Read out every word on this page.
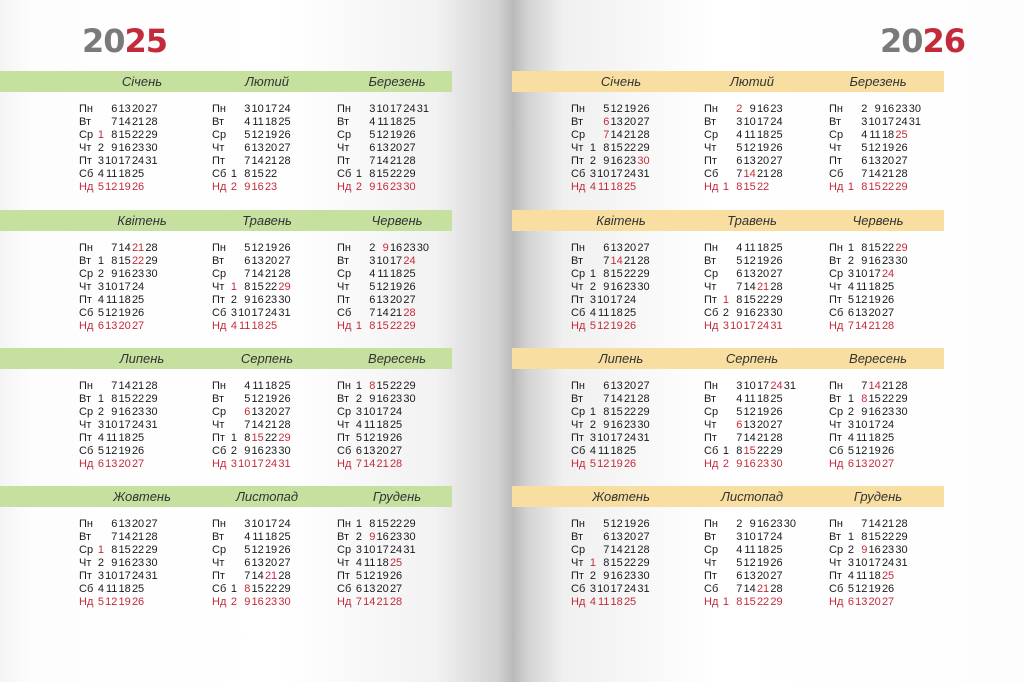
2025	2026
Січень	Лютий	Березень
Пн	6 13 20 27
Вт	7 14 21 28
Ср 1 8 15 22 29
Чт 2 9 16 23 30
Пт 3 10 17 24 31
Сб 4 11 18 25
Нд 5 12 19 26
Пн	3 10 17 24
Вт	4 11 18 25
Ср	5 12 19 26
Чт	6 13 20 27
Пт	7 14 21 28
Сб 1 8 15 22
Нд 2 9 16 23
Пн	3 10 17 24 31
Вт	4 11 18 25
Ср	5 12 19 26
Чт	6 13 20 27
Пт	7 14 21 28
Сб 1 8 15 22 29
Нд 2 9 16 23 30
Квітень	Травень	Червень
Пн	7 14 21 28
Вт 1 8 15 22 29
Ср 2 9 16 23 30
Чт 3 10 17 24
Пт 4 11 18 25
Сб 5 12 19 26
Нд 6 13 20 27
Пн	5 12 19 26
Вт	6 13 20 27
Ср	7 14 21 28
Чт 1 8 15 22 29
Пт 2 9 16 23 30
Сб 3 10 17 24 31
Нд 4 11 18 25
Пн	2 9 16 23 30
Вт	3 10 17 24
Ср	4 11 18 25
Чт	5 12 19 26
Пт	6 13 20 27
Сб	7 14 21 28
Нд 1 8 15 22 29
Липень	Серпень	Вересень
Пн	7 14 21 28
Вт 1 8 15 22 29
Ср 2 9 16 23 30
Чт 3 10 17 24 31
Пт 4 11 18 25
Сб 5 12 19 26
Нд 6 13 20 27
Пн	4 11 18 25
Вт	5 12 19 26
Ср	6 13 20 27
Чт	7 14 21 28
Пт 1 8 15 22 29
Сб 2 9 16 23 30
Нд 3 10 17 24 31
Пн 1 8 15 22 29
Вт 2 9 16 23 30
Ср 3 10 17 24
Чт 4 11 18 25
Пт 5 12 19 26
Сб 6 13 20 27
Нд 7 14 21 28
Жовтень	Листопад	Грудень
Пн	6 13 20 27
Вт	7 14 21 28
Ср 1 8 15 22 29
Чт 2 9 16 23 30
Пт 3 10 17 24 31
Сб 4 11 18 25
Нд 5 12 19 26
Пн	3 10 17 24
Вт	4 11 18 25
Ср	5 12 19 26
Чт	6 13 20 27
Пт	7 14 21 28
Сб 1 8 15 22 29
Нд 2 9 16 23 30
Пн 1 8 15 22 29
Вт 2 9 16 23 30
Ср 3 10 17 24 31
Чт 4 11 18 25
Пт 5 12 19 26
Сб 6 13 20 27
Нд 7 14 21 28
Січень	Лютий	Березень
Пн	5 12 19 26
Вт	6 13 20 27
Ср	7 14 21 28
Чт 1 8 15 22 29
Пт 2 9 16 23 30
Сб 3 10 17 24 31
Нд 4 11 18 25
Пн	2 9 16 23
Вт	3 10 17 24
Ср	4 11 18 25
Чт	5 12 19 26
Пт	6 13 20 27
Сб	7 14 21 28
Нд 1 8 15 22
Пн	2 9 16 23 30
Вт	3 10 17 24 31
Ср	4 11 18 25
Чт	5 12 19 26
Пт	6 13 20 27
Сб	7 14 21 28
Нд 1 8 15 22 29
Квітень	Травень	Червень
Пн	6 13 20 27
Вт	7 14 21 28
Ср 1 8 15 22 29
Чт 2 9 16 23 30
Пт 3 10 17 24
Сб 4 11 18 25
Нд 5 12 19 26
Пн	4 11 18 25
Вт	5 12 19 26
Ср	6 13 20 27
Чт	7 14 21 28
Пт 1 8 15 22 29
Сб 2 9 16 23 30
Нд 3 10 17 24 31
Пн 1 8 15 22 29
Вт 2 9 16 23 30
Ср 3 10 17 24
Чт 4 11 18 25
Пт 5 12 19 26
Сб 6 13 20 27
Нд 7 14 21 28
Липень	Серпень	Вересень
Пн	6 13 20 27
Вт	7 14 21 28
Ср 1 8 15 22 29
Чт 2 9 16 23 30
Пт 3 10 17 24 31
Сб 4 11 18 25
Нд 5 12 19 26
Пн	3 10 17 24 31
Вт	4 11 18 25
Ср	5 12 19 26
Чт	6 13 20 27
Пт	7 14 21 28
Сб 1 8 15 22 29
Нд 2 9 16 23 30
Пн	7 14 21 28
Вт 1 8 15 22 29
Ср 2 9 16 23 30
Чт 3 10 17 24
Пт 4 11 18 25
Сб 5 12 19 26
Нд 6 13 20 27
Жовтень	Листопад	Грудень
Пн	5 12 19 26
Вт	6 13 20 27
Ср	7 14 21 28
Чт 1 8 15 22 29
Пт 2 9 16 23 30
Сб 3 10 17 24 31
Нд 4 11 18 25
Пн	2 9 16 23 30
Вт	3 10 17 24
Ср	4 11 18 25
Чт	5 12 19 26
Пт	6 13 20 27
Сб	7 14 21 28
Нд 1 8 15 22 29
Пн	7 14 21 28
Вт 1 8 15 22 29
Ср 2 9 16 23 30
Чт 3 10 17 24 31
Пт 4 11 18 25
Сб 5 12 19 26
Нд 6 13 20 27
